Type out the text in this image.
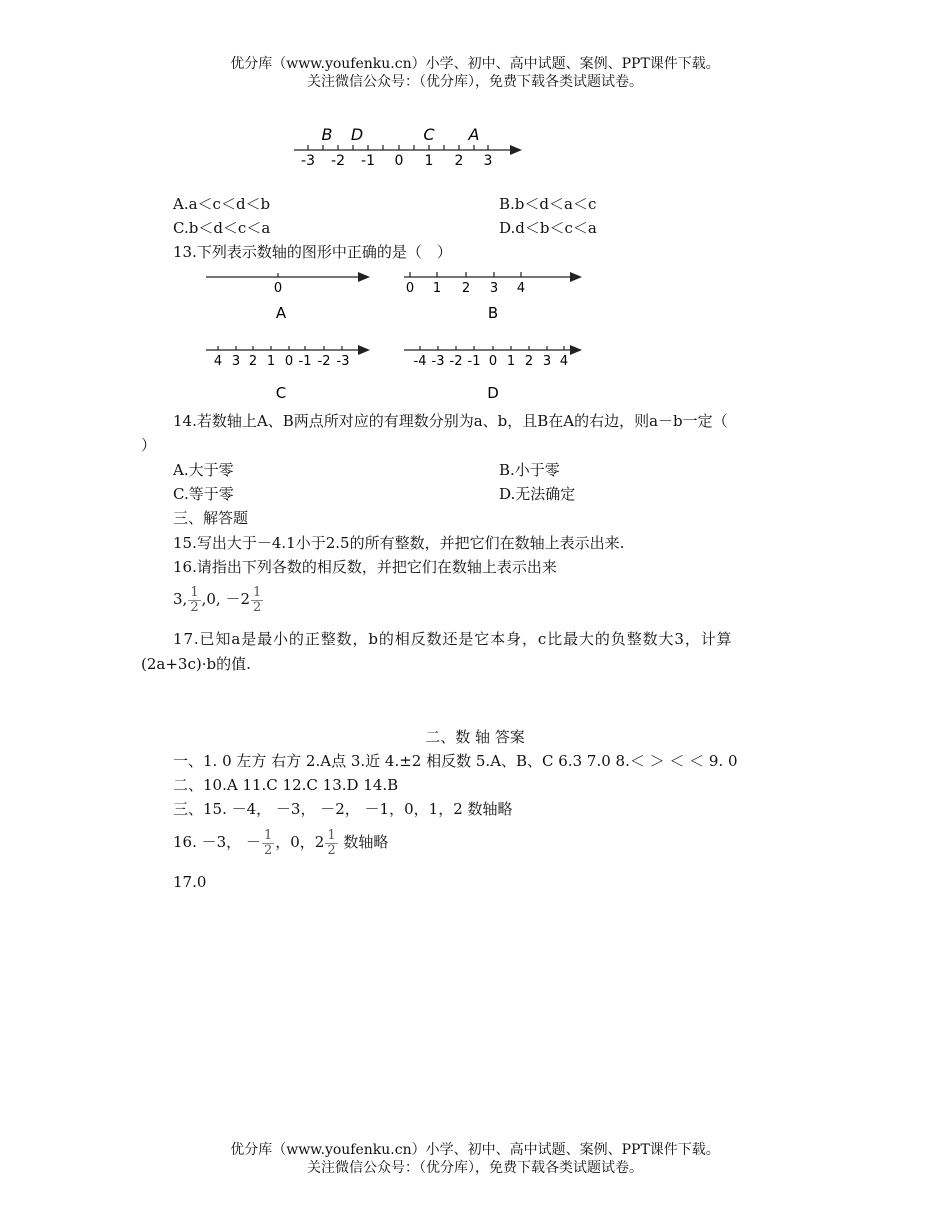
优分库（www.youfenku.cn）小学、初中、高中试题、案例、PPT课件下载。
关注微信公众号：（优分库），免费下载各类试题试卷。
B D	C A
-3 -2 -1 0 1 2 3
A.a＜c＜d＜b	B.b＜d＜a＜c
C.b＜d＜c＜a	D.d＜b＜c＜a
13.下列表示数轴的图形中正确的是（　）
0
A
0 1 2 3 4
B
4 3 2 1 0 -1 -2 -3
C
-4 -3 -2 -1 0 1 2 3 4
D
14.若数轴上A、B两点所对应的有理数分别为a、b，且B在A的右边，则a－b一定（
）
A.大于零	B.小于零
C.等于零	D.无法确定
三、解答题
15.写出大于－4.1小于2.5的所有整数，并把它们在数轴上表示出来.
16.请指出下列各数的相反数，并把它们在数轴上表示出来
3, $\frac{1}{2} ,0$, $-2 \frac{1}{2}$
17.已知a是最小的正整数，b的相反数还是它本身，c比最大的负整数大3，计算
(2a+3c)·b的值.
二、数 轴 答案
一、1. 0 左方 右方 2.A点 3.近 4.±2 相反数 5.A、B、C 6.3 7.0 8.＜ ＞ ＜ ＜ 9. 0
二、10.A 11.C 12.C 13.D 14.B
三、15. －4， －3， －2， －1，0，1，2 数轴略
16. －3， － $\frac{1}{2}$ ，0，$2 \frac{1}{2}$ 数轴略
17.0
优分库（www.youfenku.cn）小学、初中、高中试题、案例、PPT课件下载。
关注微信公众号：（优分库），免费下载各类试题试卷。
